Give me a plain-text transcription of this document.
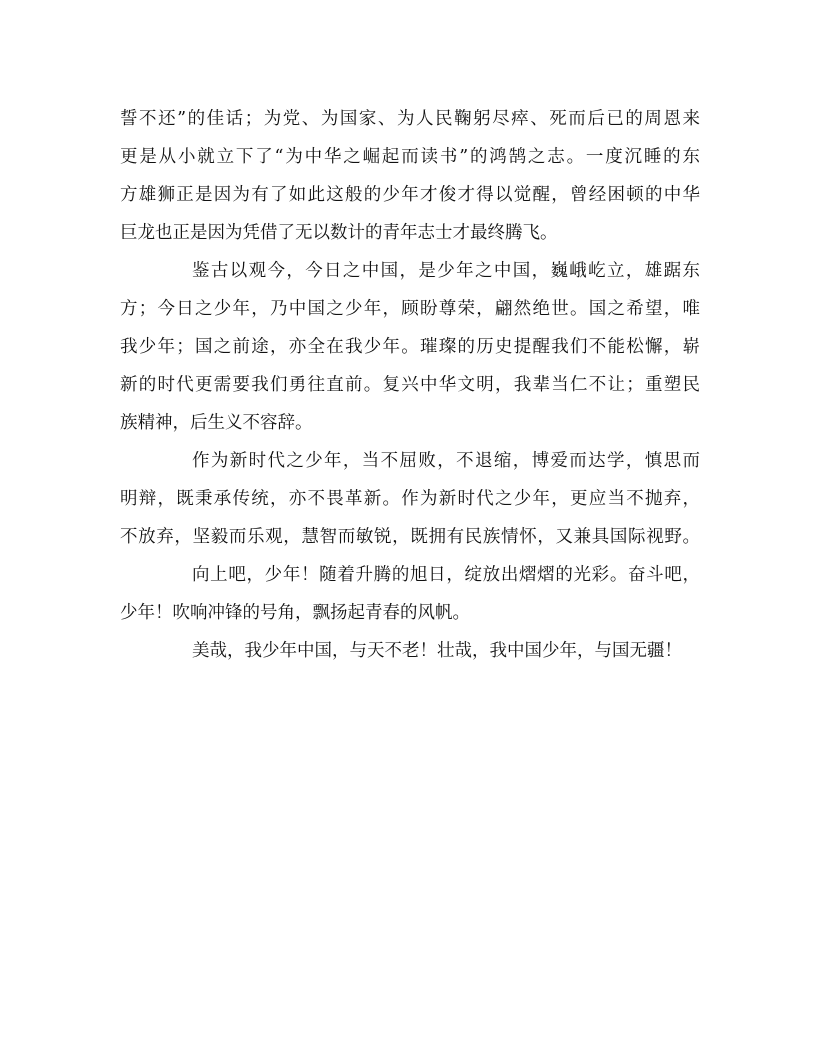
誓不还”的佳话；为党、为国家、为人民鞠躬尽瘁、死而后已的周恩来
更是从小就立下了“为中华之崛起而读书”的鸿鹄之志。一度沉睡的东
方雄狮正是因为有了如此这般的少年才俊才得以觉醒，曾经困顿的中华
巨龙也正是因为凭借了无以数计的青年志士才最终腾飞。
鉴古以观今，今日之中国，是少年之中国，巍峨屹立，雄踞东
方；今日之少年，乃中国之少年，顾盼尊荣，翩然绝世。国之希望，唯
我少年；国之前途，亦全在我少年。璀璨的历史提醒我们不能松懈，崭
新的时代更需要我们勇往直前。复兴中华文明，我辈当仁不让；重塑民
族精神，后生义不容辞。
作为新时代之少年，当不屈败，不退缩，博爱而达学，慎思而
明辩，既秉承传统，亦不畏革新。作为新时代之少年，更应当不抛弃，
不放弃，坚毅而乐观，慧智而敏锐，既拥有民族情怀，又兼具国际视野。
向上吧，少年！随着升腾的旭日，绽放出熠熠的光彩。奋斗吧，
少年！吹响冲锋的号角，飘扬起青春的风帆。
美哉，我少年中国，与天不老！壮哉，我中国少年，与国无疆！
